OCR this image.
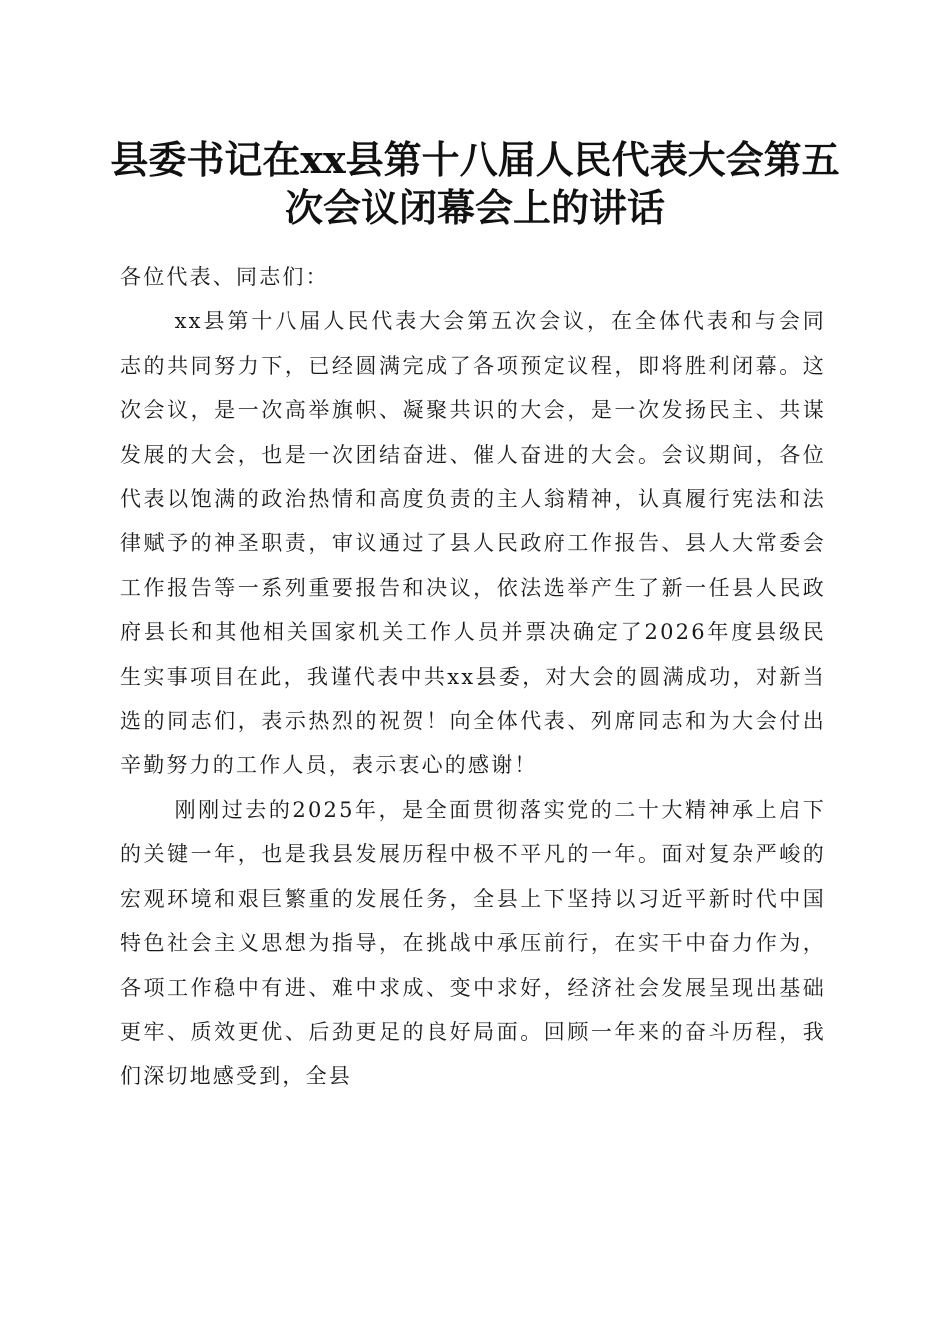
县委书记在xx县第十八届人民代表大会第五次会议闭幕会上的讲话

各位代表、同志们：

xx县第十八届人民代表大会第五次会议，在全体代表和与会同志的共同努力下，已经圆满完成了各项预定议程，即将胜利闭幕。这次会议，是一次高举旗帜、凝聚共识的大会，是一次发扬民主、共谋发展的大会，也是一次团结奋进、催人奋进的大会。会议期间，各位代表以饱满的政治热情和高度负责的主人翁精神，认真履行宪法和法律赋予的神圣职责，审议通过了县人民政府工作报告、县人大常委会工作报告等一系列重要报告和决议，依法选举产生了新一任县人民政府县长和其他相关国家机关工作人员并票决确定了2026年度县级民生实事项目在此，我谨代表中共xx县委，对大会的圆满成功，对新当选的同志们，表示热烈的祝贺！向全体代表、列席同志和为大会付出辛勤努力的工作人员，表示衷心的感谢！

刚刚过去的2025年，是全面贯彻落实党的二十大精神承上启下的关键一年，也是我县发展历程中极不平凡的一年。面对复杂严峻的宏观环境和艰巨繁重的发展任务，全县上下坚持以习近平新时代中国特色社会主义思想为指导，在挑战中承压前行，在实干中奋力作为，各项工作稳中有进、难中求成、变中求好，经济社会发展呈现出基础更牢、质效更优、后劲更足的良好局面。回顾一年来的奋斗历程，我们深切地感受到，全县
